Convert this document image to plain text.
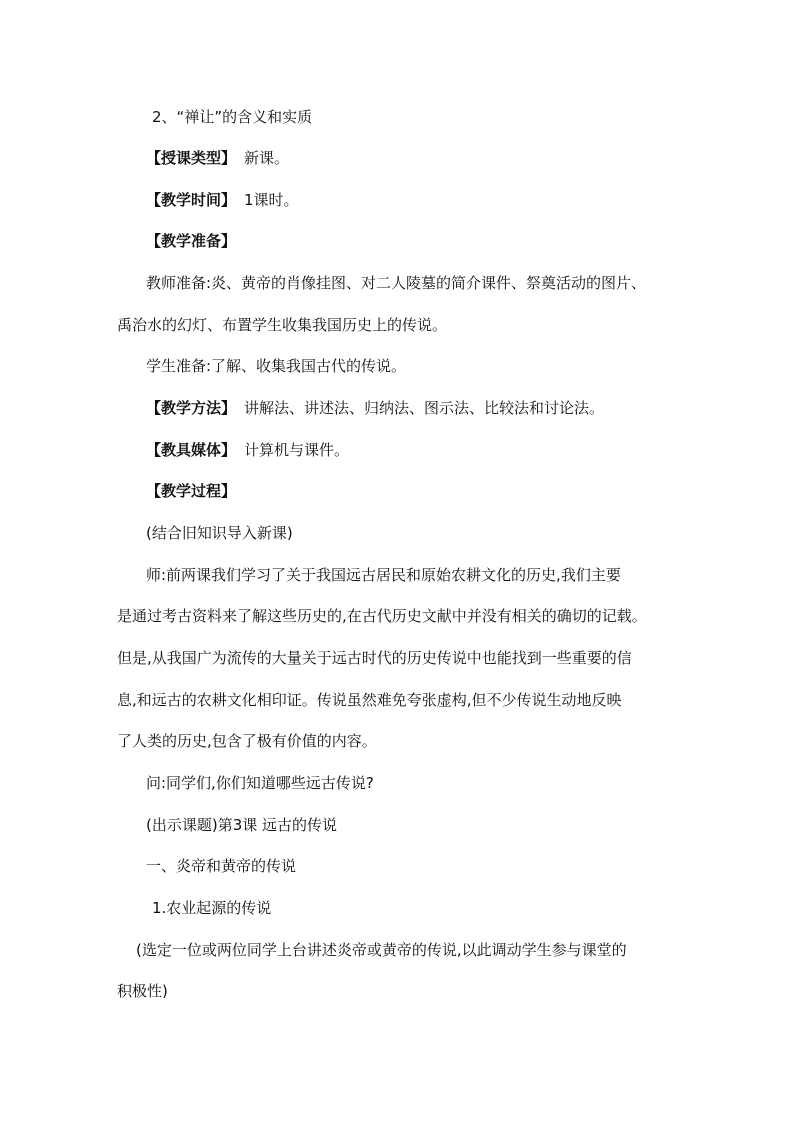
2、“禅让”的含义和实质
【授课类型】 新课。
【教学时间】 1课时。
【教学准备】
教师准备:炎、黄帝的肖像挂图、对二人陵墓的简介课件、祭奠活动的图片、
禹治水的幻灯、布置学生收集我国历史上的传说。
学生准备:了解、收集我国古代的传说。
【教学方法】 讲解法、讲述法、归纳法、图示法、比较法和讨论法。
【教具媒体】 计算机与课件。
【教学过程】
(结合旧知识导入新课)
师:前两课我们学习了关于我国远古居民和原始农耕文化的历史,我们主要
是通过考古资料来了解这些历史的,在古代历史文献中并没有相关的确切的记载。
但是,从我国广为流传的大量关于远古时代的历史传说中也能找到一些重要的信
息,和远古的农耕文化相印证。传说虽然难免夸张虚构,但不少传说生动地反映
了人类的历史,包含了极有价值的内容。
问:同学们,你们知道哪些远古传说?
(出示课题)第3课 远古的传说
一、炎帝和黄帝的传说
1.农业起源的传说
(选定一位或两位同学上台讲述炎帝或黄帝的传说,以此调动学生参与课堂的
积极性)
